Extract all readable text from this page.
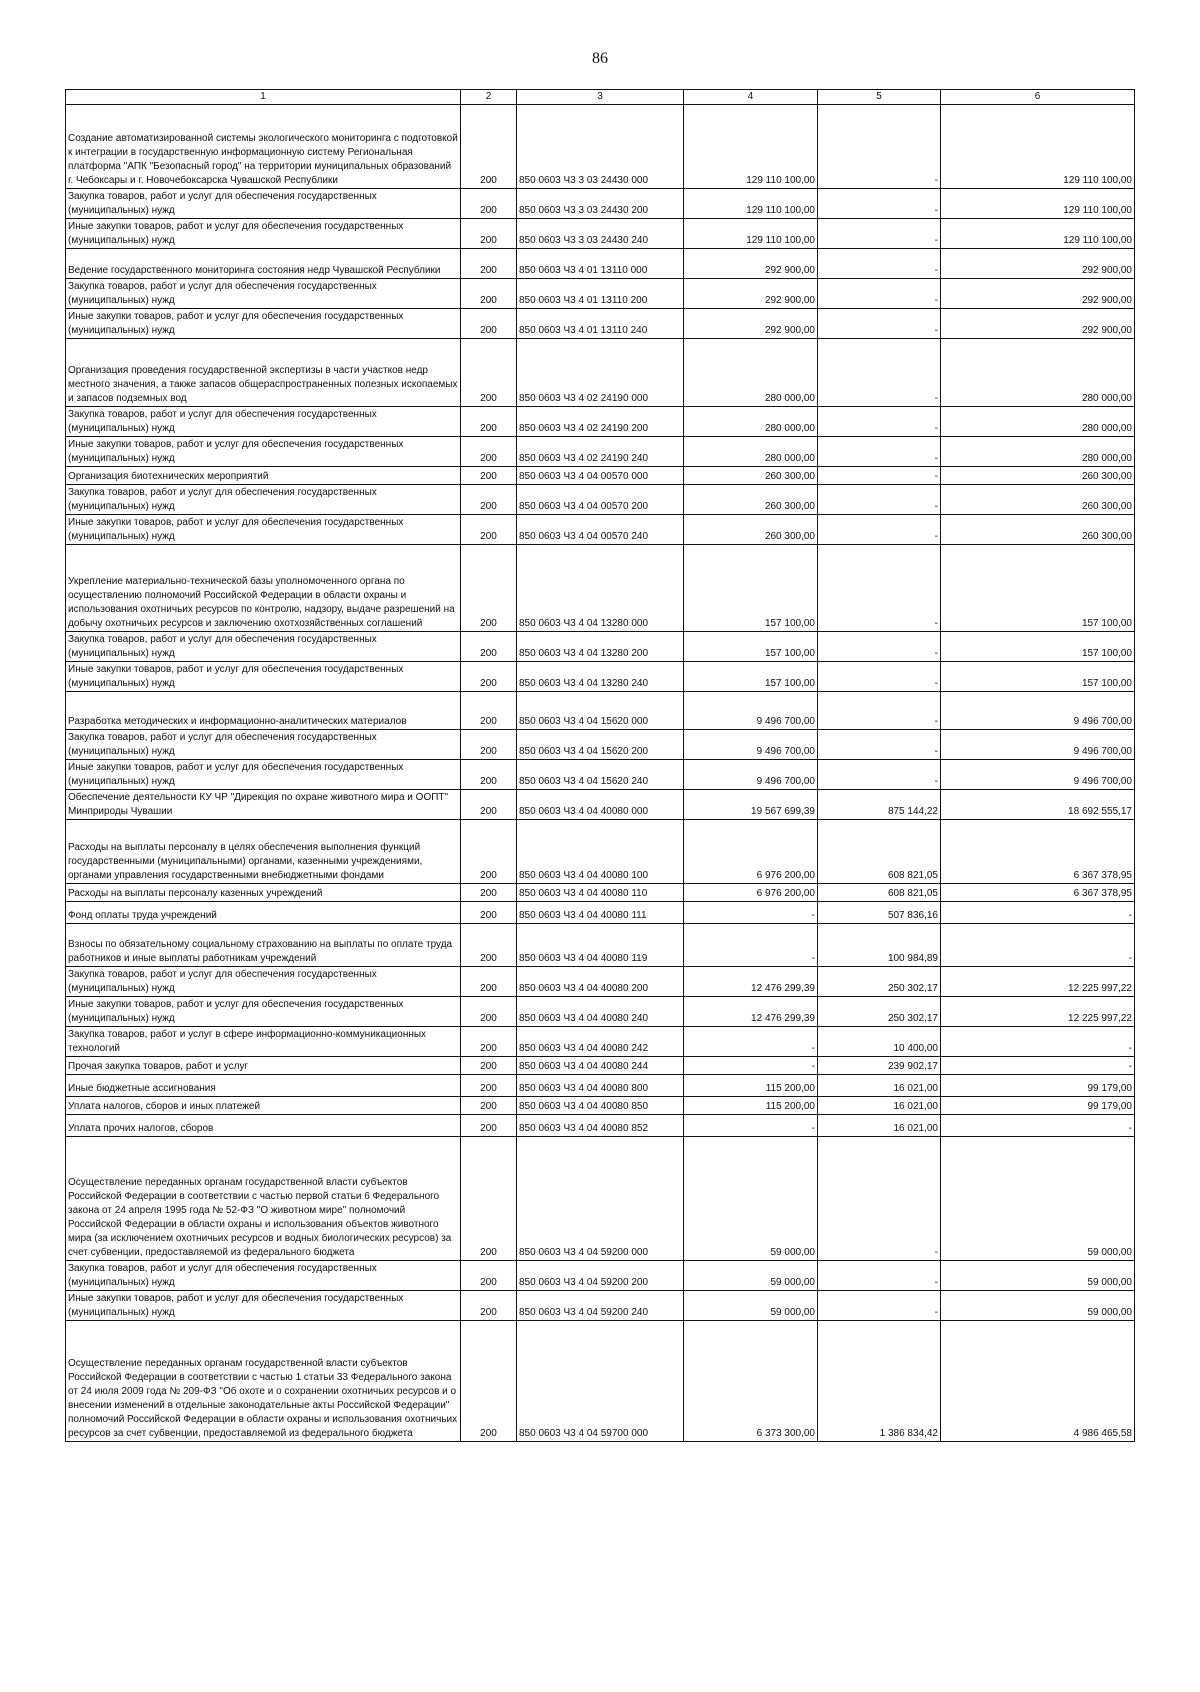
86
1	2	3	4	5	6
Создание автоматизированной системы экологического мониторинга с подготовкой к интеграции в государственную информационную систему Региональная платформа "АПК "Безопасный город" на территории муниципальных образований г. Чебоксары и г. Новочебоксарска Чувашской Республики	200	850 0603 Ч3 3 03 24430 000	129 110 100,00	-	129 110 100,00
Закупка товаров, работ и услуг для обеспечения государственных (муниципальных) нужд	200	850 0603 Ч3 3 03 24430 200	129 110 100,00	-	129 110 100,00
Иные закупки товаров, работ и услуг для обеспечения государственных (муниципальных) нужд	200	850 0603 Ч3 3 03 24430 240	129 110 100,00	-	129 110 100,00
Ведение государственного мониторинга состояния недр Чувашской Республики	200	850 0603 Ч3 4 01 13110 000	292 900,00	-	292 900,00
Закупка товаров, работ и услуг для обеспечения государственных (муниципальных) нужд	200	850 0603 Ч3 4 01 13110 200	292 900,00	-	292 900,00
Иные закупки товаров, работ и услуг для обеспечения государственных (муниципальных) нужд	200	850 0603 Ч3 4 01 13110 240	292 900,00	-	292 900,00
Организация проведения государственной экспертизы в части участков недр местного значения, а также запасов общераспространенных полезных ископаемых и запасов подземных вод	200	850 0603 Ч3 4 02 24190 000	280 000,00	-	280 000,00
Закупка товаров, работ и услуг для обеспечения государственных (муниципальных) нужд	200	850 0603 Ч3 4 02 24190 200	280 000,00	-	280 000,00
Иные закупки товаров, работ и услуг для обеспечения государственных (муниципальных) нужд	200	850 0603 Ч3 4 02 24190 240	280 000,00	-	280 000,00
Организация биотехнических мероприятий	200	850 0603 Ч3 4 04 00570 000	260 300,00	-	260 300,00
Закупка товаров, работ и услуг для обеспечения государственных (муниципальных) нужд	200	850 0603 Ч3 4 04 00570 200	260 300,00	-	260 300,00
Иные закупки товаров, работ и услуг для обеспечения государственных (муниципальных) нужд	200	850 0603 Ч3 4 04 00570 240	260 300,00	-	260 300,00
Укрепление материально-технической базы уполномоченного органа по осуществлению полномочий Российской Федерации в области охраны и использования охотничьих ресурсов по контролю, надзору, выдаче разрешений на добычу охотничьих ресурсов и заключению охотхозяйственных соглашений	200	850 0603 Ч3 4 04 13280 000	157 100,00	-	157 100,00
Закупка товаров, работ и услуг для обеспечения государственных (муниципальных) нужд	200	850 0603 Ч3 4 04 13280 200	157 100,00	-	157 100,00
Иные закупки товаров, работ и услуг для обеспечения государственных (муниципальных) нужд	200	850 0603 Ч3 4 04 13280 240	157 100,00	-	157 100,00
Разработка методических и информационно-аналитических материалов	200	850 0603 Ч3 4 04 15620 000	9 496 700,00	-	9 496 700,00
Закупка товаров, работ и услуг для обеспечения государственных (муниципальных) нужд	200	850 0603 Ч3 4 04 15620 200	9 496 700,00	-	9 496 700,00
Иные закупки товаров, работ и услуг для обеспечения государственных (муниципальных) нужд	200	850 0603 Ч3 4 04 15620 240	9 496 700,00	-	9 496 700,00
Обеспечение деятельности КУ ЧР "Дирекция по охране животного мира и ООПТ" Минприроды Чувашии	200	850 0603 Ч3 4 04 40080 000	19 567 699,39	875 144,22	18 692 555,17
Расходы на выплаты персоналу в целях обеспечения выполнения функций государственными (муниципальными) органами, казенными учреждениями, органами управления государственными внебюджетными фондами	200	850 0603 Ч3 4 04 40080 100	6 976 200,00	608 821,05	6 367 378,95
Расходы на выплаты персоналу казенных учреждений	200	850 0603 Ч3 4 04 40080 110	6 976 200,00	608 821,05	6 367 378,95
Фонд оплаты труда учреждений	200	850 0603 Ч3 4 04 40080 111	-	507 836,16	-
Взносы по обязательному социальному страхованию на выплаты по оплате труда работников и иные выплаты работникам учреждений	200	850 0603 Ч3 4 04 40080 119	-	100 984,89	-
Закупка товаров, работ и услуг для обеспечения государственных (муниципальных) нужд	200	850 0603 Ч3 4 04 40080 200	12 476 299,39	250 302,17	12 225 997,22
Иные закупки товаров, работ и услуг для обеспечения государственных (муниципальных) нужд	200	850 0603 Ч3 4 04 40080 240	12 476 299,39	250 302,17	12 225 997,22
Закупка товаров, работ и услуг в сфере информационно-коммуникационных технологий	200	850 0603 Ч3 4 04 40080 242	-	10 400,00	-
Прочая закупка товаров, работ и услуг	200	850 0603 Ч3 4 04 40080 244	-	239 902,17	-
Иные бюджетные ассигнования	200	850 0603 Ч3 4 04 40080 800	115 200,00	16 021,00	99 179,00
Уплата налогов, сборов и иных платежей	200	850 0603 Ч3 4 04 40080 850	115 200,00	16 021,00	99 179,00
Уплата прочих налогов, сборов	200	850 0603 Ч3 4 04 40080 852	-	16 021,00	-
Осуществление переданных органам государственной власти субъектов Российской Федерации в соответствии с частью первой статьи 6 Федерального закона от 24 апреля 1995 года № 52-ФЗ "О животном мире" полномочий Российской Федерации в области охраны и использования объектов животного мира (за исключением охотничьих ресурсов и водных биологических ресурсов) за счет субвенции, предоставляемой из федерального бюджета	200	850 0603 Ч3 4 04 59200 000	59 000,00	-	59 000,00
Закупка товаров, работ и услуг для обеспечения государственных (муниципальных) нужд	200	850 0603 Ч3 4 04 59200 200	59 000,00	-	59 000,00
Иные закупки товаров, работ и услуг для обеспечения государственных (муниципальных) нужд	200	850 0603 Ч3 4 04 59200 240	59 000,00	-	59 000,00
Осуществление переданных органам государственной власти субъектов Российской Федерации в соответствии с частью 1 статьи 33 Федерального закона от 24 июля 2009 года № 209-ФЗ "Об охоте и о сохранении охотничьих ресурсов и о внесении изменений в отдельные законодательные акты Российской Федерации" полномочий Российской Федерации в области охраны и использования охотничьих ресурсов за счет субвенции, предоставляемой из федерального бюджета	200	850 0603 Ч3 4 04 59700 000	6 373 300,00	1 386 834,42	4 986 465,58
